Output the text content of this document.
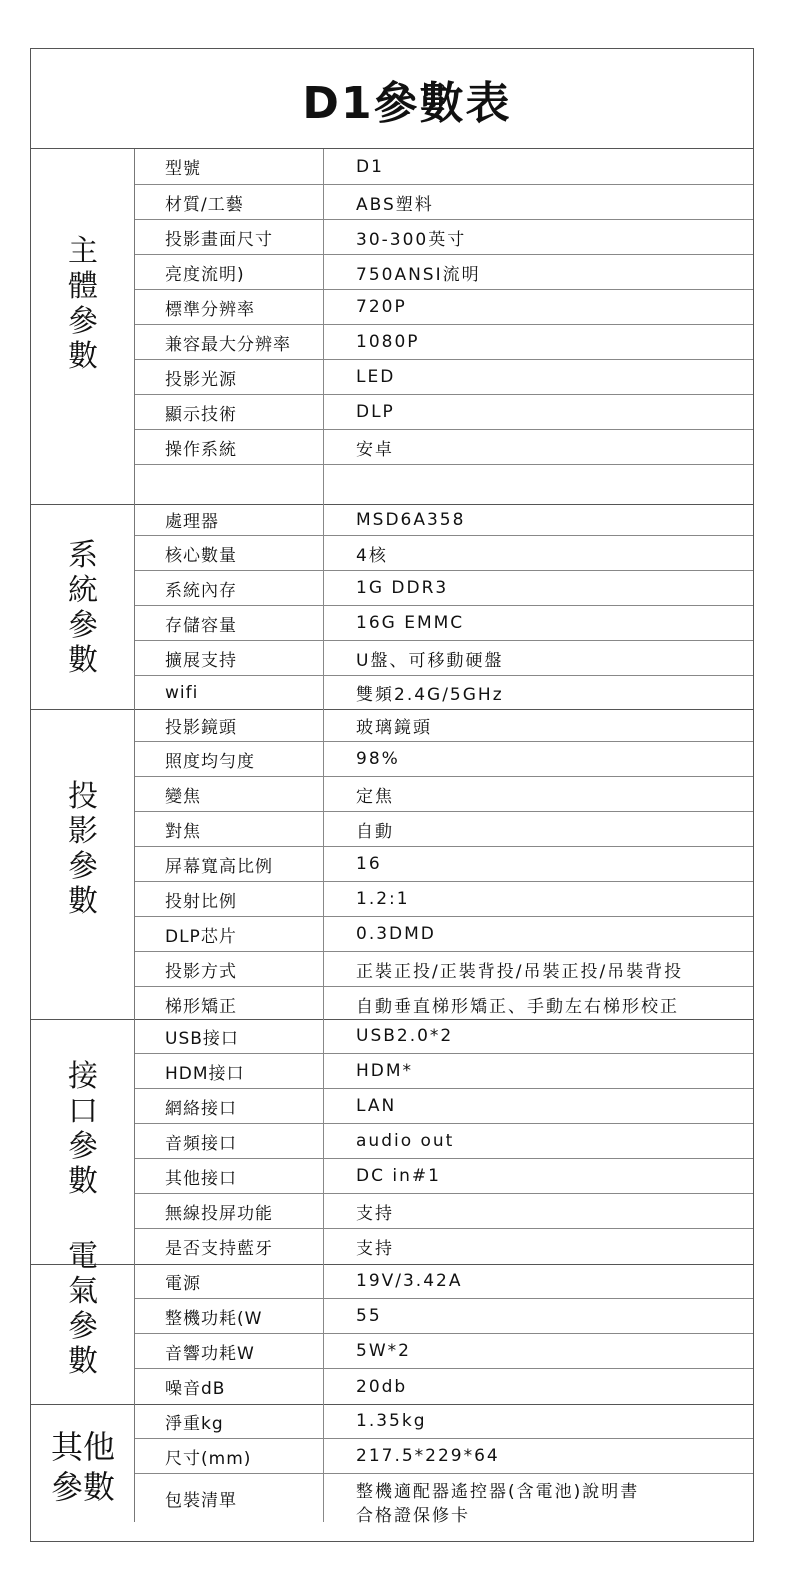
D1參數表
主
體
參
數
型號	D1
材質/工藝	ABS塑料
投影畫面尺寸	30-300英寸
亮度流明)	750ANSI流明
標準分辨率	720P
兼容最大分辨率	1080P
投影光源	LED
顯示技術	DLP
操作系統	安卓
系
統
參
數
處理器	MSD6A358
核心數量	4核
系統內存	1G DDR3
存儲容量	16G EMMC
擴展支持	U盤、可移動硬盤
wifi	雙頻2.4G/5GHz
投
影
參
數
投影鏡頭	玻璃鏡頭
照度均勻度	98%
變焦	定焦
對焦	自動
屏幕寬高比例	16
投射比例	1.2:1
DLP芯片	0.3DMD
投影方式	正裝正投/正裝背投/吊裝正投/吊裝背投
梯形矯正	自動垂直梯形矯正、手動左右梯形校正
接
口
參
數
USB接口	USB2.0*2
HDM接口	HDM*
網絡接口	LAN
音頻接口	audio out
其他接口	DC in#1
無線投屏功能	支持
是否支持藍牙	支持
電
氣
參
數
電源	19V/3.42A
整機功耗(W	55
音響功耗W	5W*2
噪音dB	20db
其他
參數
淨重kg	1.35kg
尺寸(mm)	217.5*229*64
包裝清單	整機適配器遙控器(含電池)說明書
合格證保修卡
